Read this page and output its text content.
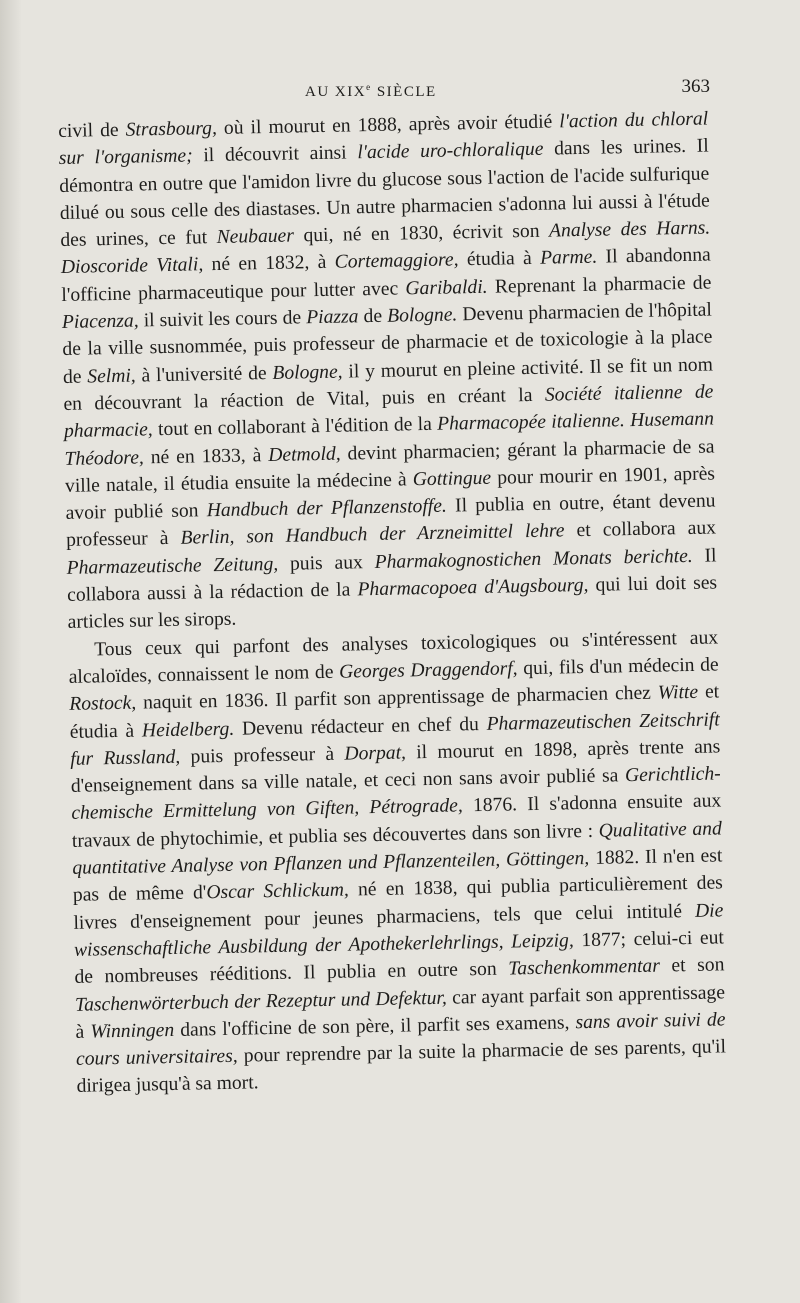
AU XIXe SIÈCLE	363

civil de Strasbourg, où il mourut en 1888, après avoir étudié l'action du chloral sur l'organisme; il découvrit ainsi l'acide uro-chloralique dans les urines. Il démontra en outre que l'amidon livre du glucose sous l'action de l'acide sulfurique dilué ou sous celle des diastases. Un autre pharmacien s'adonna lui aussi à l'étude des urines, ce fut Neubauer qui, né en 1830, écrivit son Analyse des Harns. Dioscoride Vitali, né en 1832, à Cortemaggiore, étudia à Parme. Il abandonna l'officine pharmaceutique pour lutter avec Garibaldi. Reprenant la pharmacie de Piacenza, il suivit les cours de Piazza de Bologne. Devenu pharmacien de l'hôpital de la ville susnommée, puis professeur de pharmacie et de toxicologie à la place de Selmi, à l'université de Bologne, il y mourut en pleine activité. Il se fit un nom en découvrant la réaction de Vital, puis en créant la Société italienne de pharmacie, tout en collaborant à l'édition de la Pharmacopée italienne. Husemann Théodore, né en 1833, à Detmold, devint pharmacien; gérant la pharmacie de sa ville natale, il étudia ensuite la médecine à Gottingue pour mourir en 1901, après avoir publié son Handbuch der Pflanzenstoffe. Il publia en outre, étant devenu professeur à Berlin, son Handbuch der Arzneimittel lehre et collabora aux Pharmazeutische Zeitung, puis aux Pharmakognostichen Monats berichte. Il collabora aussi à la rédaction de la Pharmacopoea d'Augsbourg, qui lui doit ses articles sur les sirops.

Tous ceux qui parfont des analyses toxicologiques ou s'intéressent aux alcaloïdes, connaissent le nom de Georges Draggendorf, qui, fils d'un médecin de Rostock, naquit en 1836. Il parfit son apprentissage de pharmacien chez Witte et étudia à Heidelberg. Devenu rédacteur en chef du Pharmazeutischen Zeitschrift fur Russland, puis professeur à Dorpat, il mourut en 1898, après trente ans d'enseignement dans sa ville natale, et ceci non sans avoir publié sa Gerichtlich-chemische Ermittelung von Giften, Pétrograde, 1876. Il s'adonna ensuite aux travaux de phytochimie, et publia ses découvertes dans son livre : Qualitative and quantitative Analyse von Pflanzen und Pflanzenteilen, Göttingen, 1882. Il n'en est pas de même d'Oscar Schlickum, né en 1838, qui publia particulièrement des livres d'enseignement pour jeunes pharmaciens, tels que celui intitulé Die wissenschaftliche Ausbildung der Apothekerlehrlings, Leipzig, 1877; celui-ci eut de nombreuses rééditions. Il publia en outre son Taschenkommentar et son Taschenwörterbuch der Rezeptur und Defektur, car ayant parfait son apprentissage à Winningen dans l'officine de son père, il parfit ses examens, sans avoir suivi de cours universitaires, pour reprendre par la suite la pharmacie de ses parents, qu'il dirigea jusqu'à sa mort.
